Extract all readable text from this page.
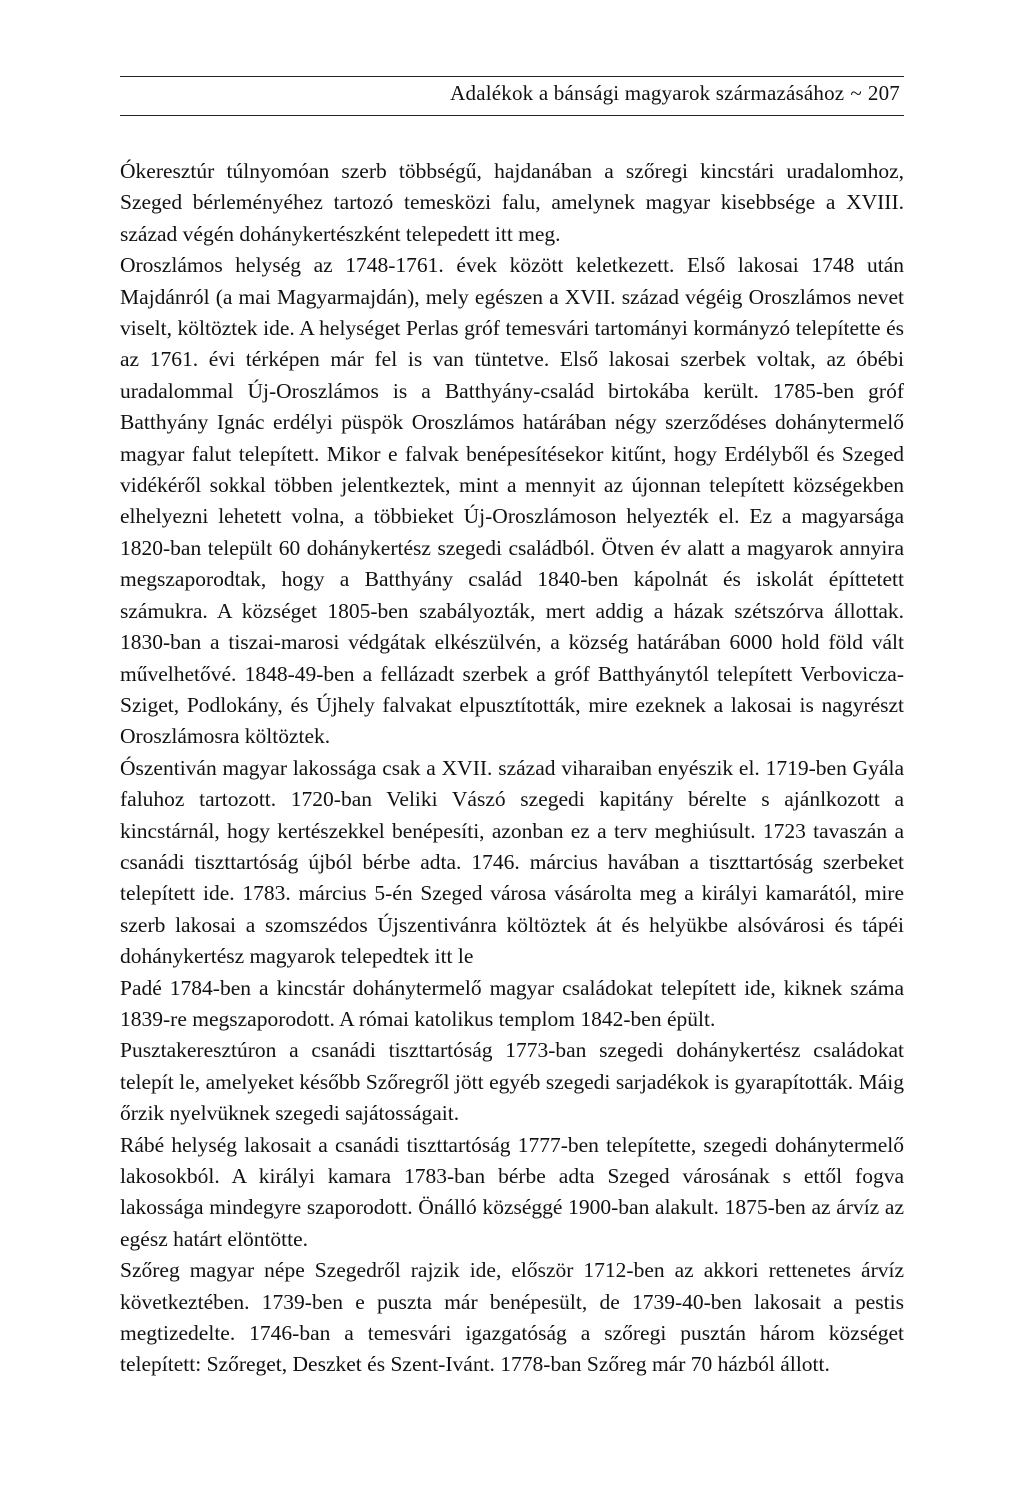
Adalékok a bánsági magyarok származásához ~ 207

Ókeresztúr túlnyomóan szerb többségű, hajdanában a szőregi kincstári uradalomhoz, Szeged bérleményéhez tartozó temesközi falu, amelynek magyar kisebbsége a XVIII. század végén dohánykertészként telepedett itt meg.

Oroszlámos helység az 1748-1761. évek között keletkezett. Első lakosai 1748 után Majdánról (a mai Magyarmajdán), mely egészen a XVII. század végéig Oroszlámos nevet viselt, költöztek ide. A helységet Perlas gróf temesvári tartományi kormányzó telepítette és az 1761. évi térképen már fel is van tüntetve. Első lakosai szerbek voltak, az óbébi uradalommal Új-Oroszlámos is a Batthyány-család birtokába került. 1785-ben gróf Batthyány Ignác erdélyi püspök Oroszlámos határában négy szerződéses dohánytermelő magyar falut telepített. Mikor e falvak benépesítésekor kitűnt, hogy Erdélyből és Szeged vidékéről sokkal többen jelentkeztek, mint a mennyit az újonnan telepített községekben elhelyezni lehetett volna, a többieket Új-Oroszlámoson helyezték el. Ez a magyarsága 1820-ban települt 60 dohánykertész szegedi családból. Ötven év alatt a magyarok annyira megszaporodtak, hogy a Batthyány család 1840-ben kápolnát és iskolát építtetett számukra. A községet 1805-ben szabályozták, mert addig a házak szétszórva állottak. 1830-ban a tiszai-marosi védgátak elkészülvén, a község határában 6000 hold föld vált művelhetővé. 1848-49-ben a fellázadt szerbek a gróf Batthyánytól telepített Verbovicza-Sziget, Podlokány, és Újhely falvakat elpusztították, mire ezeknek a lakosai is nagyrészt Oroszlámosra költöztek.

Ószentiván magyar lakossága csak a XVII. század viharaiban enyészik el. 1719-ben Gyála faluhoz tartozott. 1720-ban Veliki Vászó szegedi kapitány bérelte s ajánlkozott a kincstárnál, hogy kertészekkel benépesíti, azonban ez a terv meghiúsult. 1723 tavaszán a csanádi tiszttartóság újból bérbe adta. 1746. március havában a tiszttartóság szerbeket telepített ide. 1783. március 5-én Szeged városa vásárolta meg a királyi kamarától, mire szerb lakosai a szomszédos Újszentivánra költöztek át és helyükbe alsóvárosi és tápéi dohánykertész magyarok telepedtek itt le

Padé 1784-ben a kincstár dohánytermelő magyar családokat telepített ide, kiknek száma 1839-re megszaporodott. A római katolikus templom 1842-ben épült.

Pusztakeresztúron a csanádi tiszttartóság 1773-ban szegedi dohánykertész családokat telepít le, amelyeket később Szőregről jött egyéb szegedi sarjadékok is gyarapították. Máig őrzik nyelvüknek szegedi sajátosságait.

Rábé helység lakosait a csanádi tiszttartóság 1777-ben telepítette, szegedi dohánytermelő lakosokból. A királyi kamara 1783-ban bérbe adta Szeged városának s ettől fogva lakossága mindegyre szaporodott. Önálló községgé 1900-ban alakult. 1875-ben az árvíz az egész határt elöntötte.

Szőreg magyar népe Szegedről rajzik ide, először 1712-ben az akkori rettenetes árvíz következtében. 1739-ben e puszta már benépesült, de 1739-40-ben lakosait a pestis megtizedelte. 1746-ban a temesvári igazgatóság a szőregi pusztán három községet telepített: Szőreget, Deszket és Szent-Ivánt. 1778-ban Szőreg már 70 házból állott.
